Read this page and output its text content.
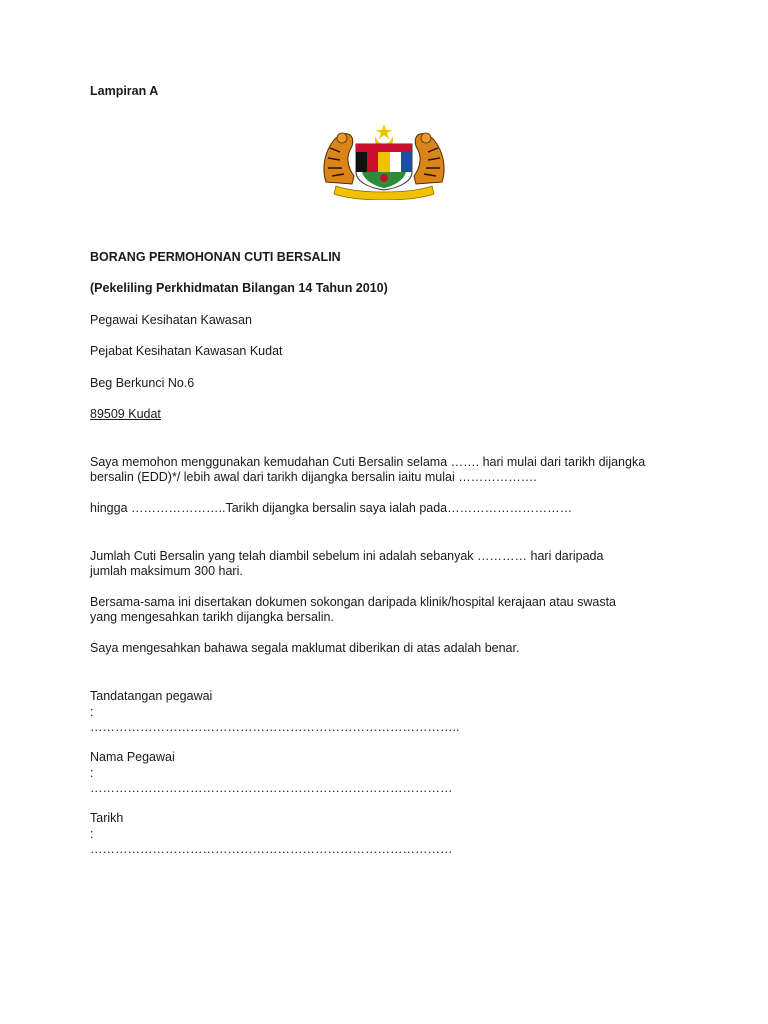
Lampiran A
BORANG PERMOHONAN CUTI BERSALIN
(Pekeliling Perkhidmatan Bilangan 14 Tahun 2010)
Pegawai Kesihatan Kawasan
Pejabat Kesihatan Kawasan Kudat
Beg Berkunci No.6
89509 Kudat
Saya memohon menggunakan kemudahan Cuti Bersalin selama ……. hari mulai dari tarikh dijangka
bersalin (EDD)*/ lebih awal dari tarikh dijangka bersalin iaitu mulai ……………….
hingga …………………..Tarikh dijangka bersalin saya ialah pada…………………………
Jumlah Cuti Bersalin yang telah diambil sebelum ini adalah sebanyak ………… hari daripada
jumlah maksimum 300 hari.
Bersama-sama ini disertakan dokumen sokongan daripada klinik/hospital kerajaan atau swasta
yang mengesahkan tarikh dijangka bersalin.
Saya mengesahkan bahawa segala maklumat diberikan di atas adalah benar.
Tandatangan pegawai
:
……………………………………………………………………………..
Nama Pegawai
:
……………………………………………………………………………
Tarikh
:
……………………………………………………………………………
